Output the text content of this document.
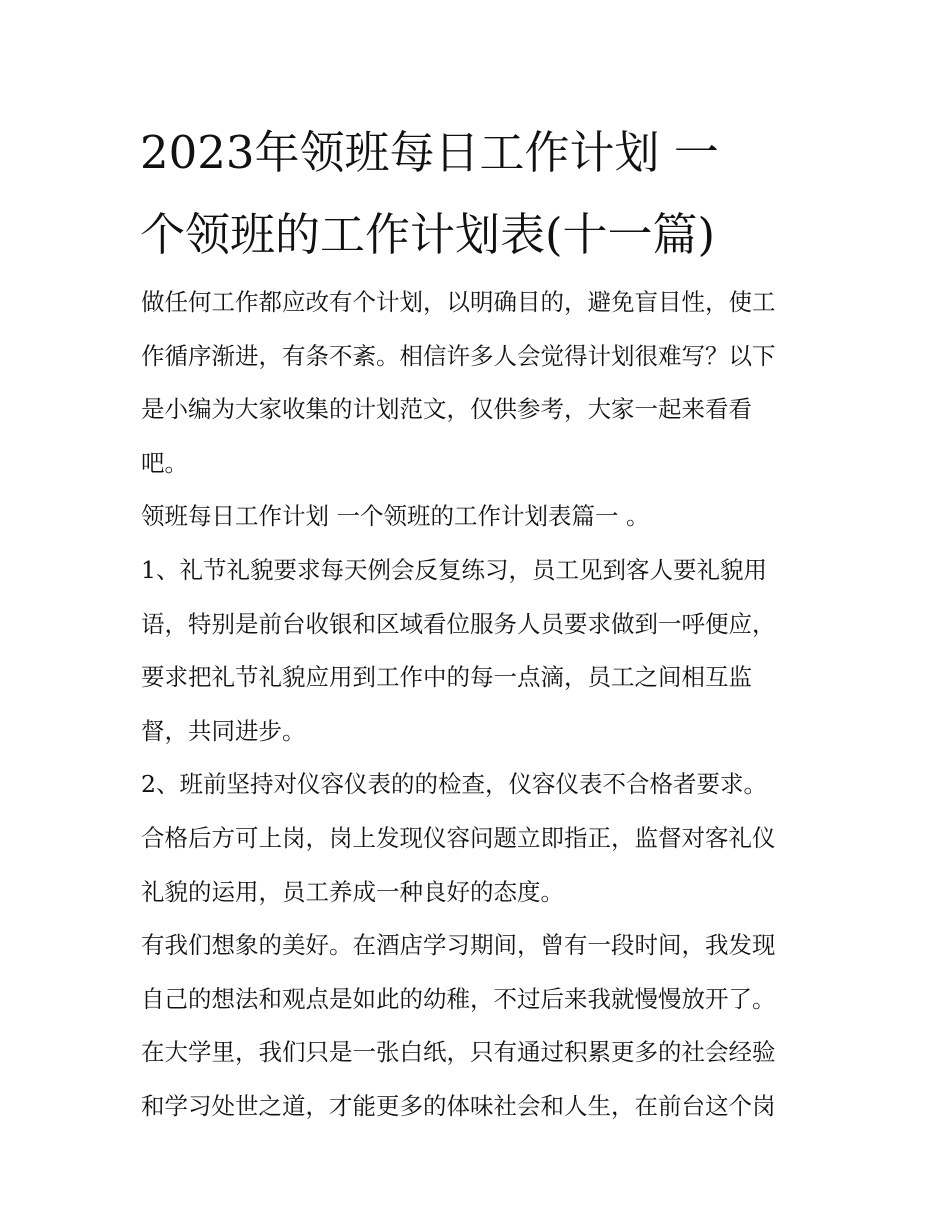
2023年领班每日工作计划 一
个领班的工作计划表(十一篇)
做任何工作都应改有个计划，以明确目的，避免盲目性，使工
作循序渐进，有条不紊。相信许多人会觉得计划很难写？以下
是小编为大家收集的计划范文，仅供参考，大家一起来看看
吧。
领班每日工作计划 一个领班的工作计划表篇一 。
1、礼节礼貌要求每天例会反复练习，员工见到客人要礼貌用
语，特别是前台收银和区域看位服务人员要求做到一呼便应，
要求把礼节礼貌应用到工作中的每一点滴，员工之间相互监
督，共同进步。
2、班前坚持对仪容仪表的的检查，仪容仪表不合格者要求。
合格后方可上岗，岗上发现仪容问题立即指正，监督对客礼仪
礼貌的运用，员工养成一种良好的态度。
有我们想象的美好。在酒店学习期间，曾有一段时间，我发现
自己的想法和观点是如此的幼稚，不过后来我就慢慢放开了。
在大学里，我们只是一张白纸，只有通过积累更多的社会经验
和学习处世之道，才能更多的体味社会和人生，在前台这个岗
